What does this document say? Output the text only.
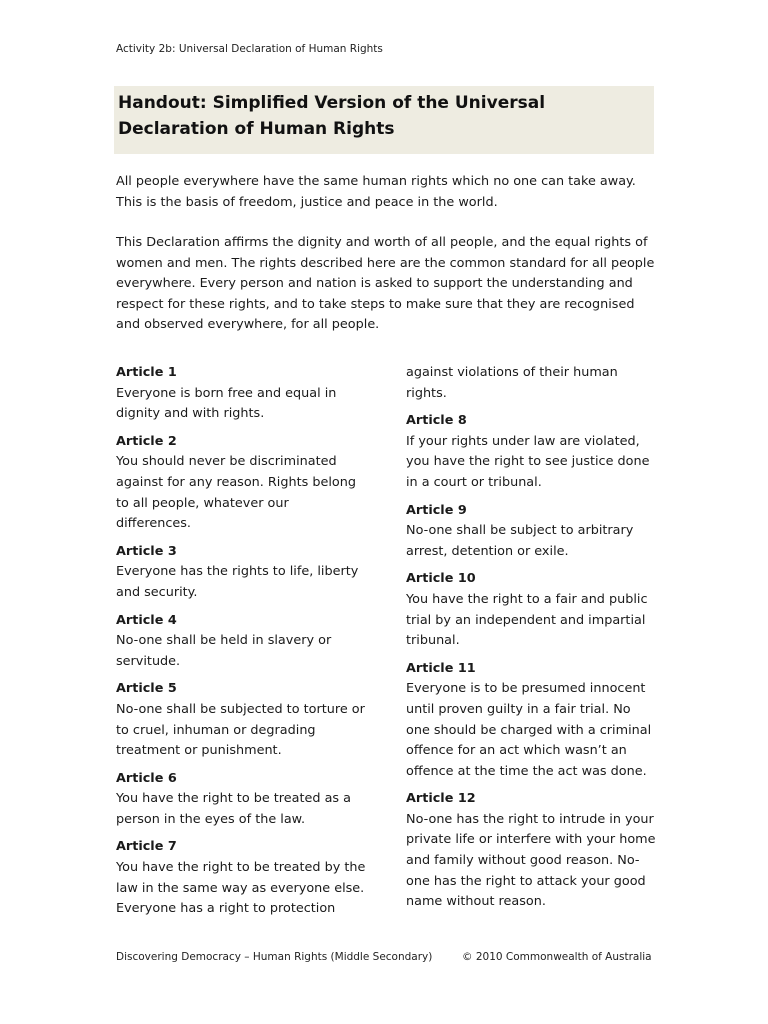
Activity 2b: Universal Declaration of Human Rights
Handout: Simplified Version of the Universal Declaration of Human Rights

All people everywhere have the same human rights which no one can take away. This is the basis of freedom, justice and peace in the world.

This Declaration affirms the dignity and worth of all people, and the equal rights of women and men. The rights described here are the common standard for all people everywhere. Every person and nation is asked to support the understanding and respect for these rights, and to take steps to make sure that they are recognised and observed everywhere, for all people.

Article 1
Everyone is born free and equal in dignity and with rights.
Article 2
You should never be discriminated against for any reason. Rights belong to all people, whatever our differences.
Article 3
Everyone has the rights to life, liberty and security.
Article 4
No-one shall be held in slavery or servitude.
Article 5
No-one shall be subjected to torture or to cruel, inhuman or degrading treatment or punishment.
Article 6
You have the right to be treated as a person in the eyes of the law.
Article 7
You have the right to be treated by the law in the same way as everyone else. Everyone has a right to protection
against violations of their human rights.
Article 8
If your rights under law are violated, you have the right to see justice done in a court or tribunal.
Article 9
No-one shall be subject to arbitrary arrest, detention or exile.
Article 10
You have the right to a fair and public trial by an independent and impartial tribunal.
Article 11
Everyone is to be presumed innocent until proven guilty in a fair trial. No one should be charged with a criminal offence for an act which wasn’t an offence at the time the act was done.
Article 12
No-one has the right to intrude in your private life or interfere with your home and family without good reason. No-one has the right to attack your good name without reason.
Discovering Democracy – Human Rights (Middle Secondary)	© 2010 Commonwealth of Australia
